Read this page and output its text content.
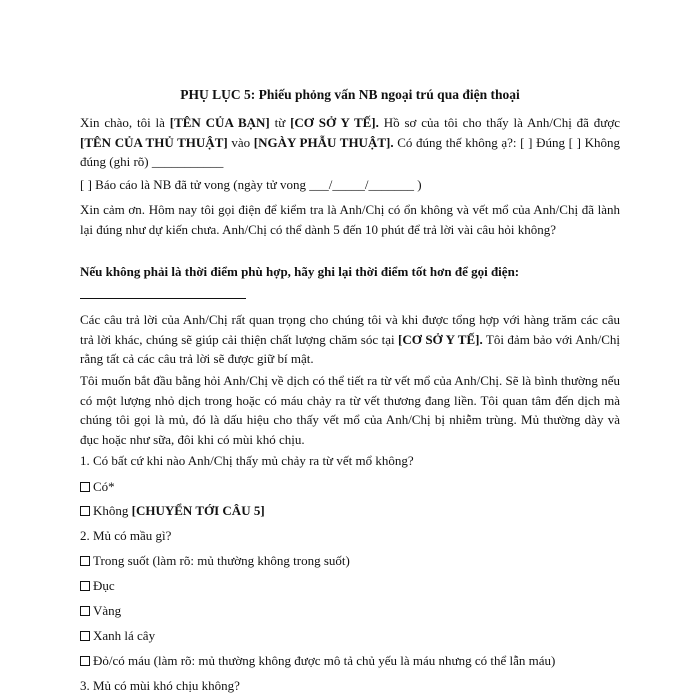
PHỤ LỤC 5: Phiếu phỏng vấn NB ngoại trú qua điện thoại
Xin chào, tôi là [TÊN CỦA BẠN] từ [CƠ SỞ Y TẾ]. Hồ sơ của tôi cho thấy là Anh/Chị đã được [TÊN CỦA THỦ THUẬT] vào [NGÀY PHẪU THUẬT]. Có đúng thế không ạ?: [ ] Đúng [ ] Không đúng (ghi rõ) ___________
[ ] Báo cáo là NB đã tử vong (ngày tử vong ___/_____/_______ )
Xin cảm ơn. Hôm nay tôi gọi điện để kiểm tra là Anh/Chị có ổn không và vết mổ của Anh/Chị đã lành lại đúng như dự kiến chưa. Anh/Chị có thể dành 5 đến 10 phút để trả lời vài câu hỏi không?
Nếu không phải là thời điểm phù hợp, hãy ghi lại thời điểm tốt hơn để gọi điện:
Các câu trả lời của Anh/Chị rất quan trọng cho chúng tôi và khi được tổng hợp với hàng trăm các câu trả lời khác, chúng sẽ giúp cải thiện chất lượng chăm sóc tại [CƠ SỞ Y TẾ]. Tôi đảm bảo với Anh/Chị rằng tất cả các câu trả lời sẽ được giữ bí mật.
Tôi muốn bắt đầu bằng hỏi Anh/Chị về dịch có thể tiết ra từ vết mổ của Anh/Chị. Sẽ là bình thường nếu có một lượng nhỏ dịch trong hoặc có máu chảy ra từ vết thương đang liền. Tôi quan tâm đến dịch mà chúng tôi gọi là mủ, đó là dấu hiệu cho thấy vết mổ của Anh/Chị bị nhiễm trùng. Mủ thường dày và đục hoặc như sữa, đôi khi có mùi khó chịu.
1. Có bất cứ khi nào Anh/Chị thấy mủ chảy ra từ vết mổ không?
Có*
Không [CHUYỂN TỚI CÂU 5]
2. Mủ có mầu gì?
Trong suốt (làm rõ: mủ thường không trong suốt)
Đục
Vàng
Xanh lá cây
Đỏ/có máu (làm rõ: mủ thường không được mô tả chủ yếu là máu nhưng có thể lẫn máu)
3. Mủ có mùi khó chịu không?
